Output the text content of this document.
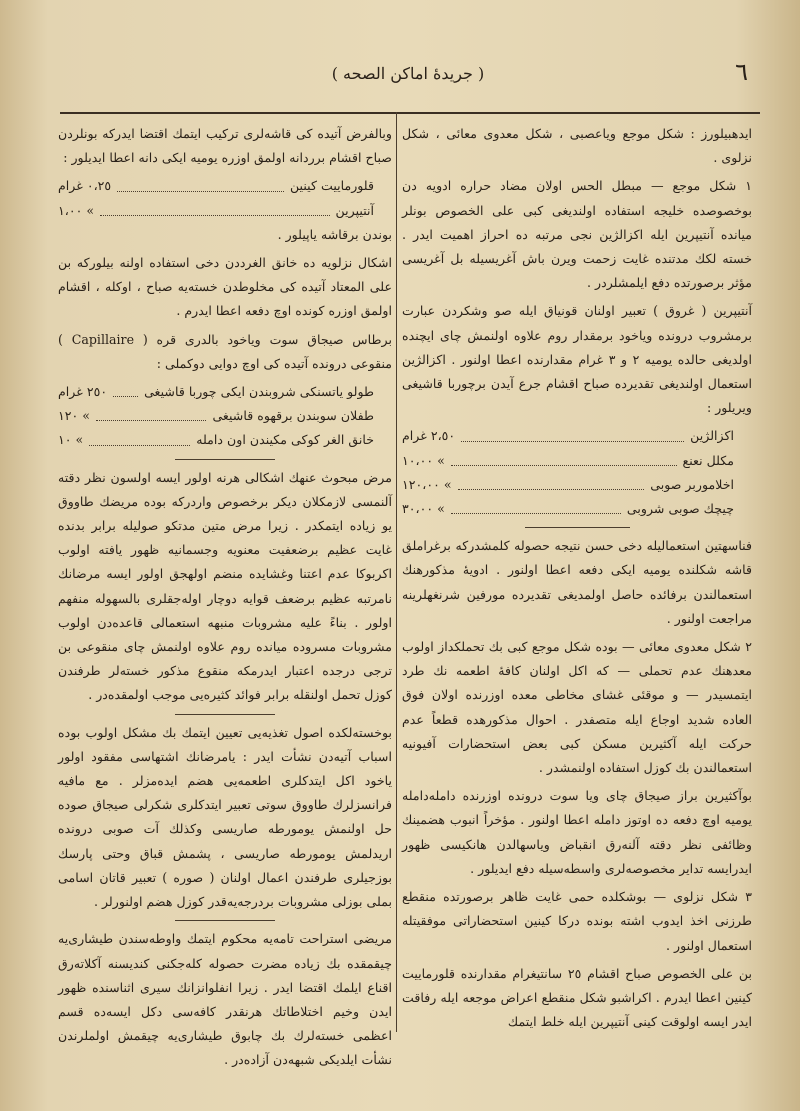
٦
( جريدهٔ اماكن الصحه )

ايدهبيلورز : شكل موجع وياعصبى ، شكل معدوى معائى ، شكل نزلوى .

١ شكل موجع — مبطل الحس اولان مضاد حراره ادويه دن بوخصوصده خليجه استفاده اولنديغى كبى على الخصوص بونلر ميانده آنتيپرين ايله اكزالژين نجى مرتبه ده احراز اهميت ايدر . خسته لكك مدتنده غايت زحمت ويرن باش آغريسيله بل آغريسى مؤثر برصورتده دفع ايلمشلردر .

آنتيپرين ( غروق ) تعبير اولنان قونياق ايله صو وشكردن عبارت برمشروب درونده وياخود برمقدار روم علاوه اولنمش چاى ايچنده اولديغى حالده يوميه ٢ و ٣ غرام مقدارنده اعطا اولنور . اكزالژين استعمال اولنديغى تقديرده صباح اقشام جرع آيدن برچوربا قاشيغى ويريلور :

اكزالژين
٢،٥٠ غرام
مكلل نعنع
١٠،٠٠ «
اخلاموربر صوبى
١٢٠،٠٠ «
چيچك صوبى شروبى
٣٠،٠٠ «

فناسهتين استعماليله دخى حسن نتيجه حصوله كلمشدركه برغراملق قاشه شكلنده يوميه ايكى دفعه اعطا اولنور . ادويهٔ مذكورهنك استعمالندن برفائده حاصل اولمديغى تقديرده مورفين شرنغهلرينه مراجعت اولنور .

٢ شكل معدوى معائى — بوده شكل موجع كبى بك تحملكداز اولوب معدهنك عدم تحملى — كه اكل اولنان كافهٔ اطعمه نك طرد ايتمسيدر — و موقئى غشاى مخاطى معده اوزرنده اولان فوق العاده شديد اوجاع ايله متصفدر . احوال مذكورهده قطعاً عدم حركت ايله آكثيرين مسكن كبى بعض استحضارات آفيونيه استعمالندن بك كوزل استفاده اولنمشدر .

بوآكثيرين براز صيجاق چاى ويا سوت درونده اوزرنده دامله‌دامله يوميه اوچ دفعه ده اوتوز دامله اعطا اولنور . مؤخراً انبوب هضمينك وظائفى نظر دقته آلنه‌رق انقباض وياسهالدن هانكيسى ظهور ايدرايسه تداير مخصوصه‌لرى واسطه‌سيله دفع ايديلور .

٣ شكل نزلوى — بوشكلده حمى غايت ظاهر برصورتده منقطع طرزنى اخذ ايدوب اشته بونده دركا كينين استحضاراتى موفقيتله استعمال اولنور .

بن على الخصوص صباح اقشام ٢٥ سانتيغرام مقدارنده قلورماييت كينين اعطا ايدرم . اكراشبو شكل منقطع اعراض موجعه ايله رفاقت ايدر ايسه اولوقت كينى آنتيپرين ايله خلط ايتمك

وبالفرض آتيده كى قاشه‌لرى تركيب ايتمك اقتضا ايدركه بونلردن صباح اقشام برردانه اولمق اوزره يوميه ايكى دانه اعطا ايديلور :

قلورماييت كينين
٠،٢٥ غرام
آنتيپرين
١،٠٠ «

بوندن برقاشه ياپيلور .

اشكال نزلويه ده خانق الغرددن دخى استفاده اولنه بيلوركه بن على المعتاد آتيده كى مخلوطدن خسته‌يه صباح ، اوكله ، اقشام اولمق اوزره كونده اوچ دفعه اعطا ايدرم .

برطاس صيجاق سوت وياخود بالدرى قره ( Capillaire ) منقوعى درونده آتيده كى اوچ دوايى دوكملى :

طولو ياتسنكى شروبندن ايكى چوربا قاشيغى
٢٥٠ غرام
طفلان سوبندن برقهوه قاشيغى
١٢٠ «
خانق الغر كوكى مكيندن اون دامله
١٠ «

مرض مبحوث عنهك اشكالى هرنه اولور ايسه اولسون نظر دقته آلنمسى لازمكلان ديكر برخصوص واردركه بوده مريضك طاووق يو زياده ايتمكدر . زيرا مرض متين مدتكو صوليله برابر بدنده غايت عظيم برضعفيت معنويه وجسمانيه ظهور يافته اولوب اكربوكا عدم اعتنا وغشايده منضم اولهجق اولور ايسه مرضانك نامرتبه عظيم برضعف قوايه دوچار اوله‌جقلرى بالسهوله منفهم اولور . بناءً عليه مشروبات منبهه استعمالى قاعده‌دن اولوب مشروبات مسروده ميانده روم علاوه اولنمش چاى منقوعى بن ترجى درجده اعتبار ايدرمكه منقوع مذكور خسته‌لر طرفندن كوزل تحمل اولنقله برابر فوائد كثيره‌يى موجب اولمقده‌در .

بوخسته‌لكده اصول تغذيه‌يى تعيين ايتمك بك مشكل اولوب بوده اسباب آتيه‌دن نشأت ايدر : يامرضانك اشتهاسى مفقود اولور ياخود اكل ايتدكلرى اطعمه‌يى هضم ايده‌مزلر . مع مافيه فرانسزلرك طاووق سوتى تعبير ايتدكلرى شكرلى صيجاق صوده حل اولنمش يومورطه صاريسى وكذلك آت صوبى درونده اريدلمش يومورطه صاريسى ، پشمش قباق وحتى پارسك بوزجيلرى طرفندن اعمال اولنان ( صوره ) تعبير قاتان اسامى بملى بوزلى مشروبات بردرجه‌يه‌قدر كوزل هضم اولنورلر .

مريضى استراحت تامه‌يه محكوم ايتمك واوطه‌سندن طيشارى‌يه چيقمقده بك زياده مضرت حصوله كله‌جكنى كنديسنه آكلاته‌رق اقناع ايلمك اقتضا ايدر . زيرا انفلوانزانك سيرى اثناسنده ظهور ايدن وخيم اختلاطاتك هرنقدر كافه‌سى دكل ايسه‌ده قسم اعظمى خسته‌لرك بك چابوق طيشارى‌يه چيقمش اولملرندن نشأت ايلديكى شبهه‌دن آزاده‌در .
